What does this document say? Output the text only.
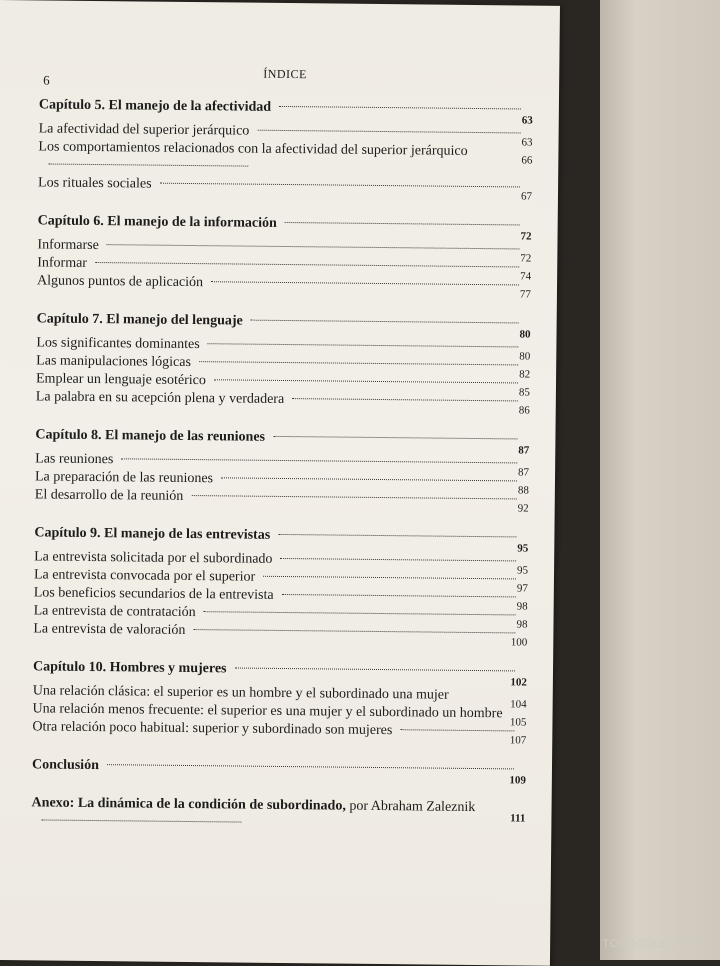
ÍNDICE
6
Capítulo 5. El manejo de la afectividad
63
La afectividad del superior jerárquico
63
Los comportamientos relacionados con la afectividad del superior jerárquico
66
Los rituales sociales
67
Capítulo 6. El manejo de la información
72
Informarse
72
Informar
74
Algunos puntos de aplicación
77
Capítulo 7. El manejo del lenguaje
80
Los significantes dominantes
80
Las manipulaciones lógicas
82
Emplear un lenguaje esotérico
85
La palabra en su acepción plena y verdadera
86
Capítulo 8. El manejo de las reuniones
87
Las reuniones
87
La preparación de las reuniones
88
El desarrollo de la reunión
92
Capítulo 9. El manejo de las entrevistas
95
La entrevista solicitada por el subordinado
95
La entrevista convocada por el superior
97
Los beneficios secundarios de la entrevista
98
La entrevista de contratación
98
La entrevista de valoración
100
Capítulo 10. Hombres y mujeres
102
Una relación clásica: el superior es un hombre y el subordinado una mujer
104
Una relación menos frecuente: el superior es una mujer y el subordinado un hombre
105
Otra relación poco habitual: superior y subordinado son mujeres
107
Conclusión
109
Anexo: La dinámica de la condición de subordinado, por Abraham Zaleznik
111
TODOCOLECCION
